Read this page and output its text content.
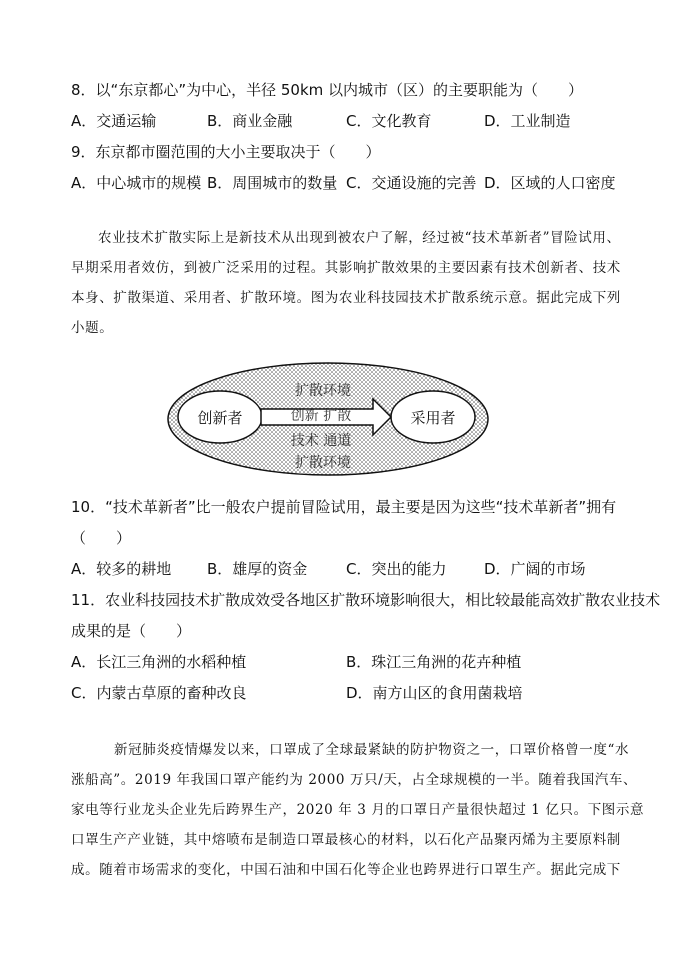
8．以“东京都心”为中心，半径 50km 以内城市（区）的主要职能为（　　）
A．交通运输	B．商业金融	C．文化教育	D．工业制造
9．东京都市圈范围的大小主要取决于（　　）
A．中心城市的规模 B．周围城市的数量 C．交通设施的完善 D．区域的人口密度
农业技术扩散实际上是新技术从出现到被农户了解，经过被“技术革新者”冒险试用、
早期采用者效仿，到被广泛采用的过程。其影响扩散效果的主要因素有技术创新者、技术
本身、扩散渠道、采用者、扩散环境。图为农业科技园技术扩散系统示意。据此完成下列
小题。
创新者	采用者
扩散环境
创新 扩散
技术 通道
扩散环境
10．“技术革新者”比一般农户提前冒险试用，最主要是因为这些“技术革新者”拥有
（　　）
A．较多的耕地 B．雄厚的资金	C．突出的能力	D．广阔的市场
11．农业科技园技术扩散成效受各地区扩散环境影响很大，相比较最能高效扩散农业技术
成果的是（　　）
A．长江三角洲的水稻种植	B．珠江三角洲的花卉种植
C．内蒙古草原的畜种改良	D．南方山区的食用菌栽培
新冠肺炎疫情爆发以来，口罩成了全球最紧缺的防护物资之一，口罩价格曾一度“水
涨船高”。2019 年我国口罩产能约为 2000 万只/天，占全球规模的一半。随着我国汽车、
家电等行业龙头企业先后跨界生产，2020 年 3 月的口罩日产量很快超过 1 亿只。下图示意
口罩生产产业链，其中熔喷布是制造口罩最核心的材料，以石化产品聚丙烯为主要原料制
成。随着市场需求的变化，中国石油和中国石化等企业也跨界进行口罩生产。据此完成下
